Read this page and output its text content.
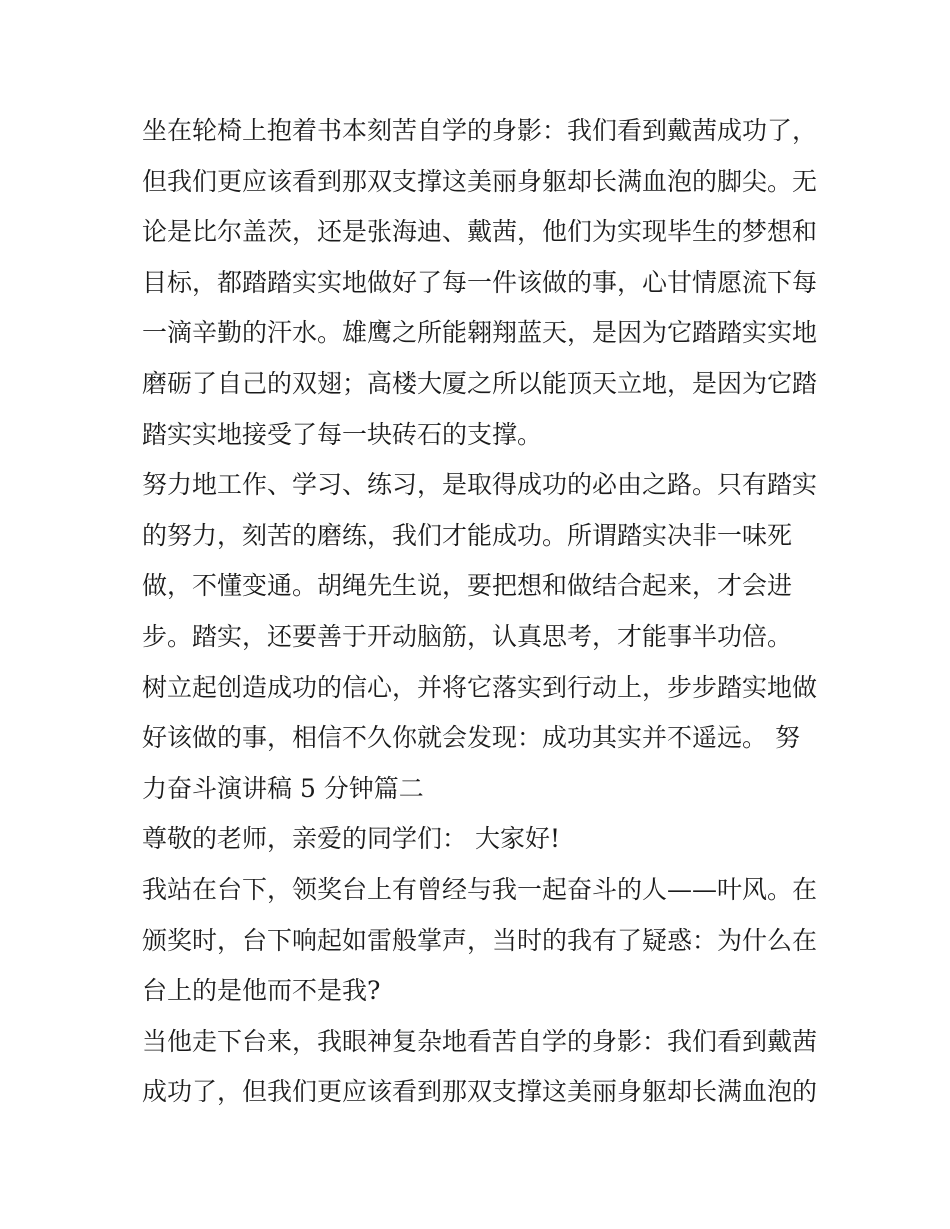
坐在轮椅上抱着书本刻苦自学的身影：我们看到戴茜成功了，
但我们更应该看到那双支撑这美丽身躯却长满血泡的脚尖。无
论是比尔盖茨，还是张海迪、戴茜，他们为实现毕生的梦想和
目标，都踏踏实实地做好了每一件该做的事，心甘情愿流下每
一滴辛勤的汗水。雄鹰之所能翱翔蓝天，是因为它踏踏实实地
磨砺了自己的双翅；高楼大厦之所以能顶天立地，是因为它踏
踏实实地接受了每一块砖石的支撑。
努力地工作、学习、练习，是取得成功的必由之路。只有踏实
的努力，刻苦的磨练，我们才能成功。所谓踏实决非一味死
做，不懂变通。胡绳先生说，要把想和做结合起来，才会进
步。踏实，还要善于开动脑筋，认真思考，才能事半功倍。
树立起创造成功的信心，并将它落实到行动上，步步踏实地做
好该做的事，相信不久你就会发现：成功其实并不遥远。 努
力奋斗演讲稿 5 分钟篇二
尊敬的老师，亲爱的同学们： 大家好!
我站在台下，领奖台上有曾经与我一起奋斗的人——叶风。在
颁奖时，台下响起如雷般掌声，当时的我有了疑惑：为什么在
台上的是他而不是我?
当他走下台来，我眼神复杂地看苦自学的身影：我们看到戴茜
成功了，但我们更应该看到那双支撑这美丽身躯却长满血泡的
